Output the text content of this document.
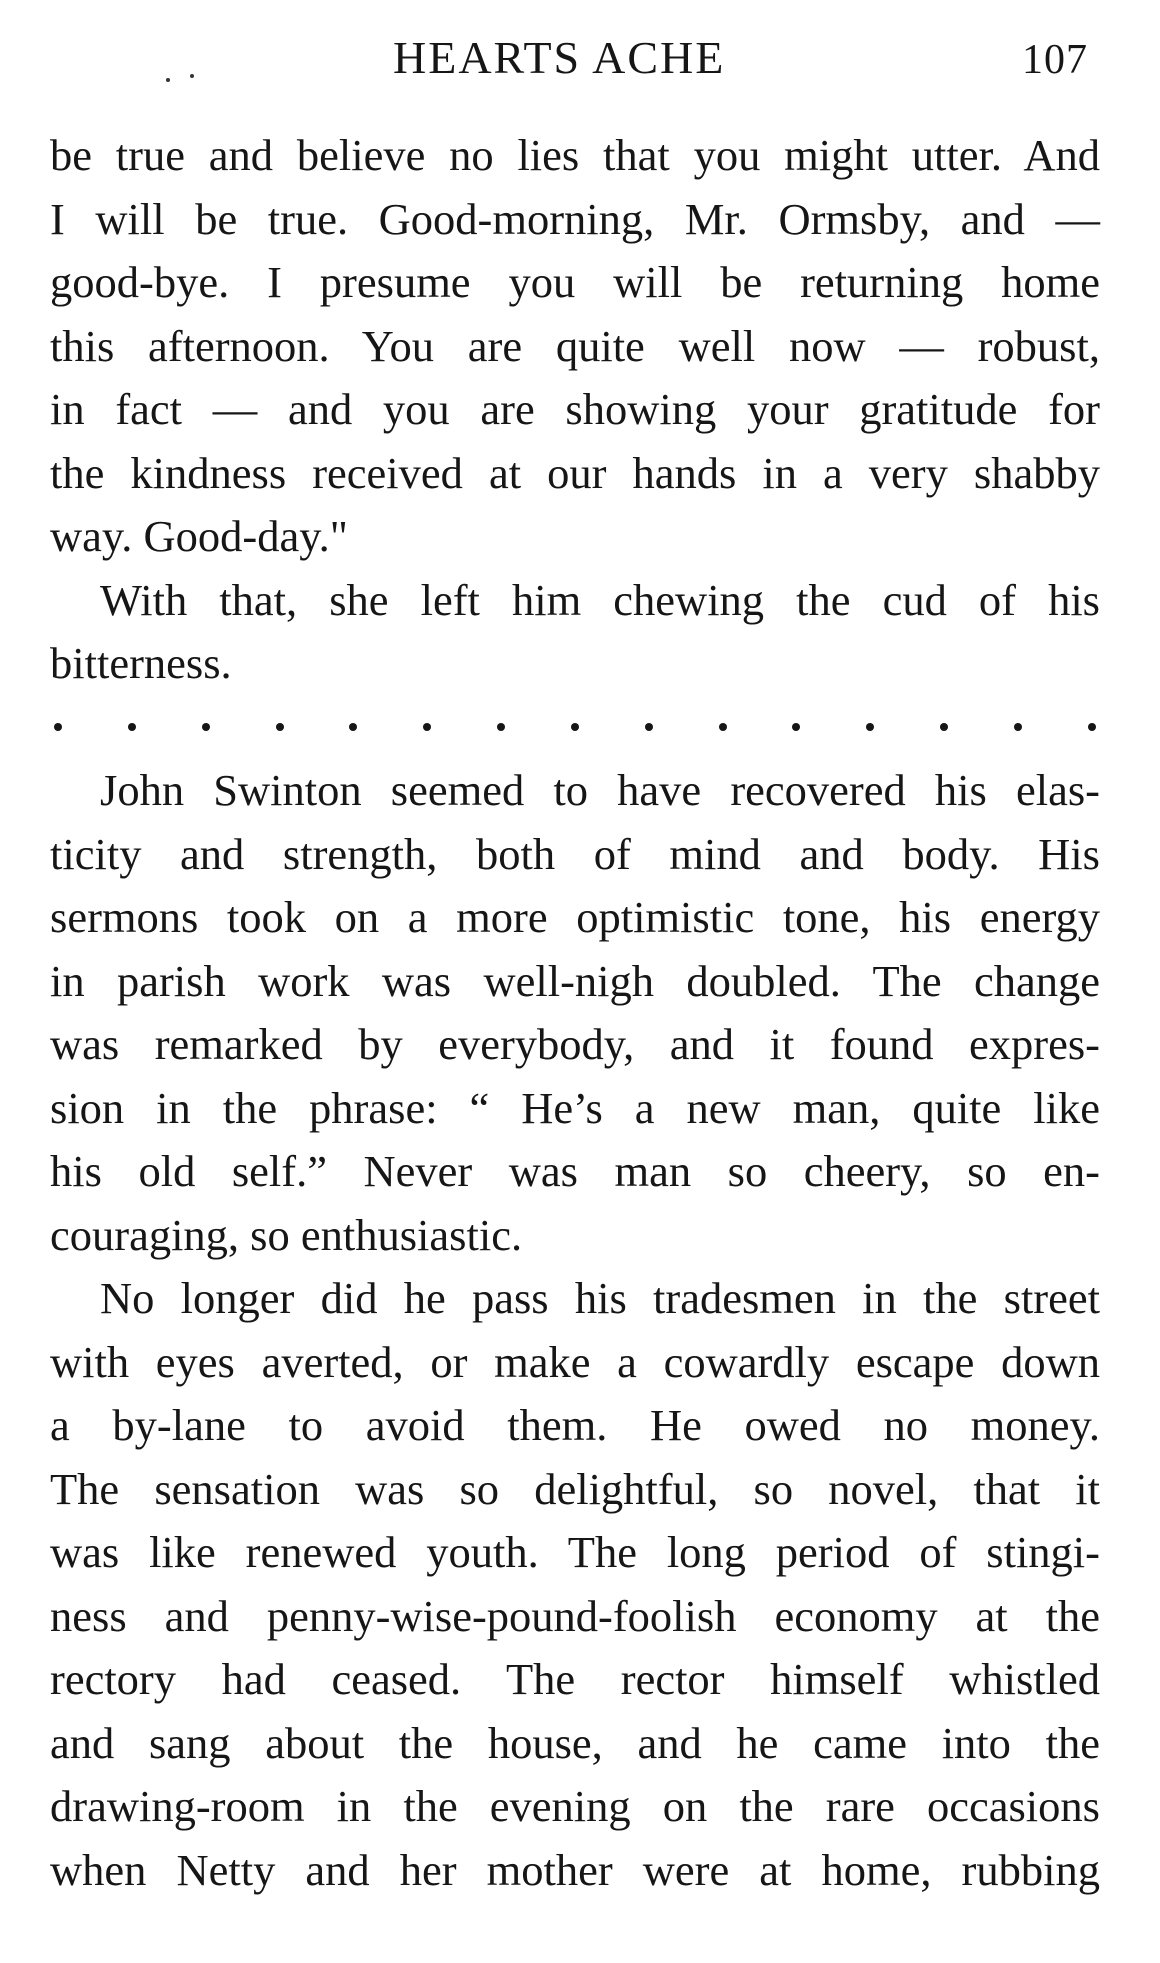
HEARTS ACHE	107
be true and believe no lies that you might utter. And
I will be true. Good-morning, Mr. Ormsby, and —
good-bye. I presume you will be returning home
this afternoon. You are quite well now — robust,
in fact — and you are showing your gratitude for
the kindness received at our hands in a very shabby
way. Good-day."
With that, she left him chewing the cud of his
bitterness.
John Swinton seemed to have recovered his elas-
ticity and strength, both of mind and body. His
sermons took on a more optimistic tone, his energy
in parish work was well-nigh doubled. The change
was remarked by everybody, and it found expres-
sion in the phrase: “ He’s a new man, quite like
his old self.” Never was man so cheery, so en-
couraging, so enthusiastic.
No longer did he pass his tradesmen in the street
with eyes averted, or make a cowardly escape down
a by-lane to avoid them. He owed no money.
The sensation was so delightful, so novel, that it
was like renewed youth. The long period of stingi-
ness and penny-wise-pound-foolish economy at the
rectory had ceased. The rector himself whistled
and sang about the house, and he came into the
drawing-room in the evening on the rare occasions
when Netty and her mother were at home, rubbing
